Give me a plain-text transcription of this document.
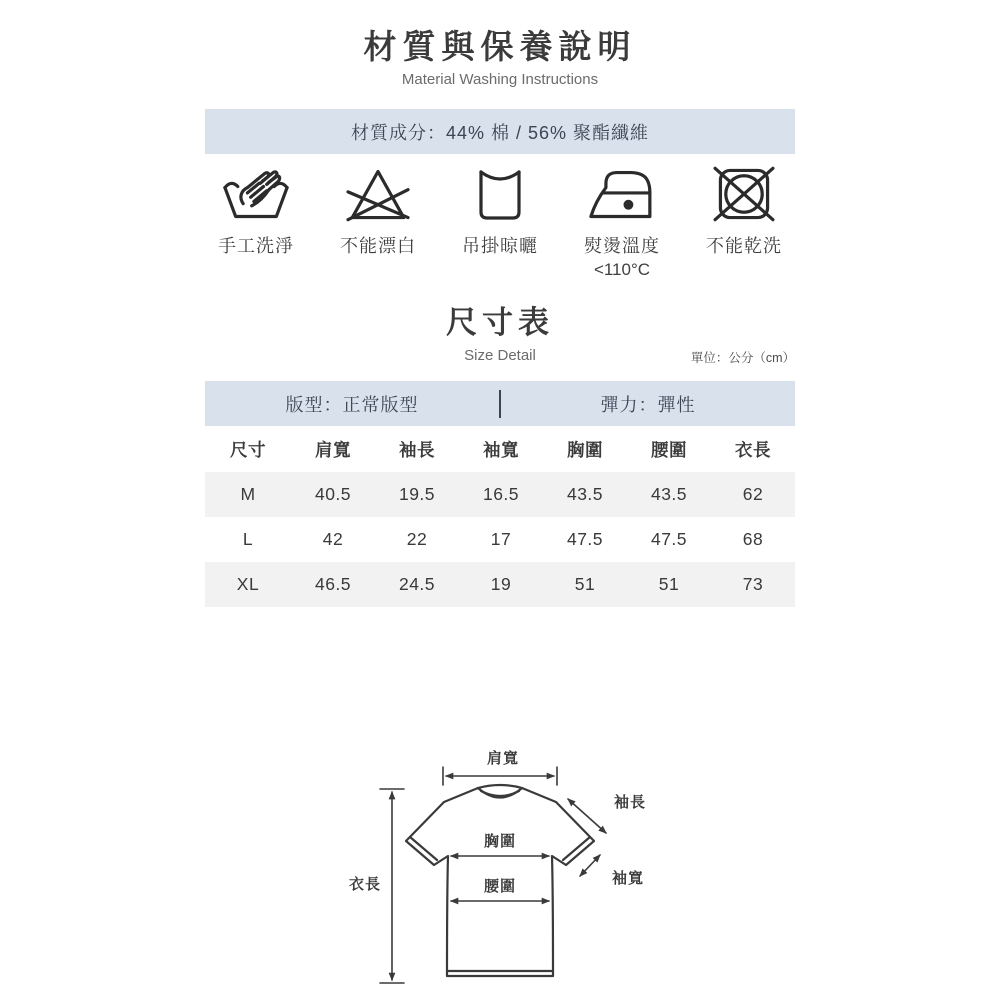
材質與保養說明
Material Washing Instructions
材質成分：44% 棉 / 56% 聚酯纖維
手工洗淨	不能漂白	吊掛晾曬	熨燙溫度
<110°C
不能乾洗
尺寸表
Size Detail	單位：公分（cm）
版型：正常版型	彈力：彈性
尺寸	肩寬	袖長	袖寬	胸圍	腰圍	衣長
M	40.5	19.5	16.5	43.5	43.5	62
L	42	22	17	47.5	47.5	68
XL	46.5	24.5	19	51	51	73
肩寬
衣長
胸圍
腰圍
袖長
袖寬
